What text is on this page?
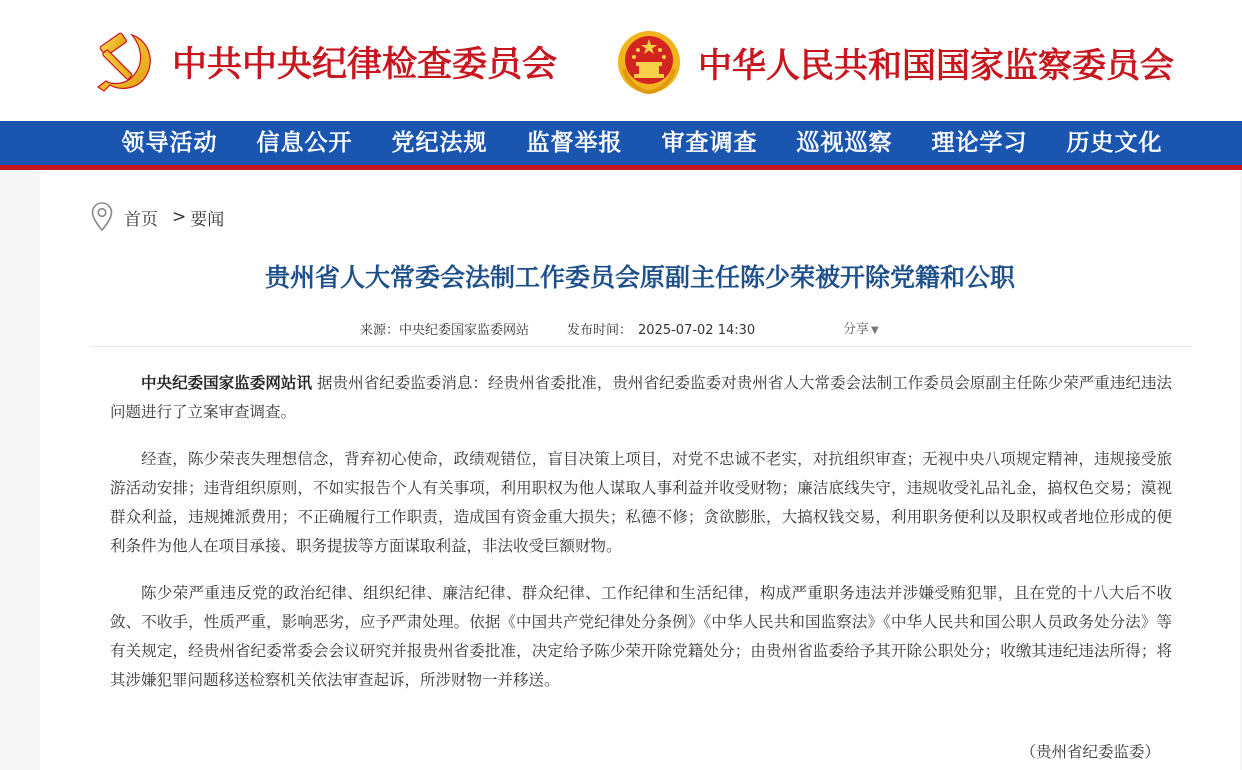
中共中央纪律检查委员会	中华人民共和国国家监察委员会
领导活动	信息公开	党纪法规	监督举报	审查调查	巡视巡察	理论学习	历史文化
首页 > 要闻
贵州省人大常委会法制工作委员会原副主任陈少荣被开除党籍和公职
来源：中央纪委国家监委网站	发布时间： 2025-07-02 14:30	分享 ▼

中央纪委国家监委网站讯 据贵州省纪委监委消息：经贵州省委批准，贵州省纪委监委对贵州省人大常委会法制工作委员会原副主任陈少荣严重违纪违法问题进行了立案审查调查。

经查，陈少荣丧失理想信念，背弃初心使命，政绩观错位，盲目决策上项目，对党不忠诚不老实，对抗组织审查；无视中央八项规定精神，违规接受旅游活动安排；违背组织原则，不如实报告个人有关事项，利用职权为他人谋取人事利益并收受财物；廉洁底线失守，违规收受礼品礼金，搞权色交易；漠视群众利益，违规摊派费用；不正确履行工作职责，造成国有资金重大损失；私德不修；贪欲膨胀，大搞权钱交易，利用职务便利以及职权或者地位形成的便利条件为他人在项目承接、职务提拔等方面谋取利益，非法收受巨额财物。

陈少荣严重违反党的政治纪律、组织纪律、廉洁纪律、群众纪律、工作纪律和生活纪律，构成严重职务违法并涉嫌受贿犯罪，且在党的十八大后不收敛、不收手，性质严重，影响恶劣，应予严肃处理。依据《中国共产党纪律处分条例》《中华人民共和国监察法》《中华人民共和国公职人员政务处分法》等有关规定，经贵州省纪委常委会会议研究并报贵州省委批准，决定给予陈少荣开除党籍处分；由贵州省监委给予其开除公职处分；收缴其违纪违法所得；将其涉嫌犯罪问题移送检察机关依法审查起诉，所涉财物一并移送。

（贵州省纪委监委）
